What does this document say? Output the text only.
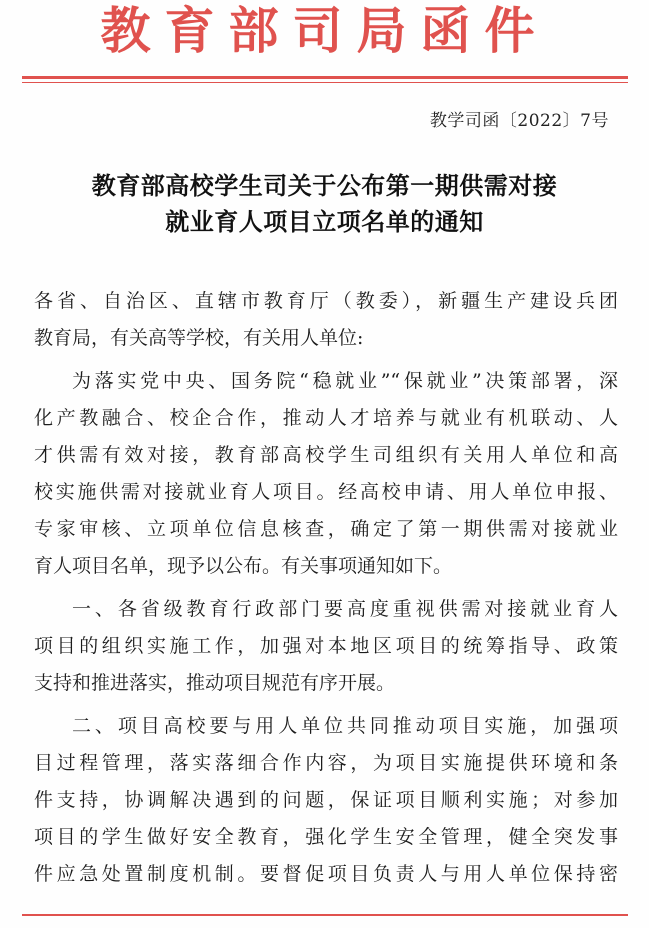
教育部司局函件
教学司函〔2022〕7号
教育部高校学生司关于公布第一期供需对接
就业育人项目立项名单的通知
各省、自治区、直辖市教育厅（教委），新疆生产建设兵团
教育局，有关高等学校，有关用人单位:
为落实党中央、国务院“稳就业”“保就业”决策部署，深
化产教融合、校企合作，推动人才培养与就业有机联动、人
才供需有效对接，教育部高校学生司组织有关用人单位和高
校实施供需对接就业育人项目。经高校申请、用人单位申报、
专家审核、立项单位信息核查，确定了第一期供需对接就业
育人项目名单，现予以公布。有关事项通知如下。
一、各省级教育行政部门要高度重视供需对接就业育人
项目的组织实施工作，加强对本地区项目的统筹指导、政策
支持和推进落实，推动项目规范有序开展。
二、项目高校要与用人单位共同推动项目实施，加强项
目过程管理，落实落细合作内容，为项目实施提供环境和条
件支持，协调解决遇到的问题，保证项目顺利实施；对参加
项目的学生做好安全教育，强化学生安全管理，健全突发事
件应急处置制度机制。要督促项目负责人与用人单位保持密
